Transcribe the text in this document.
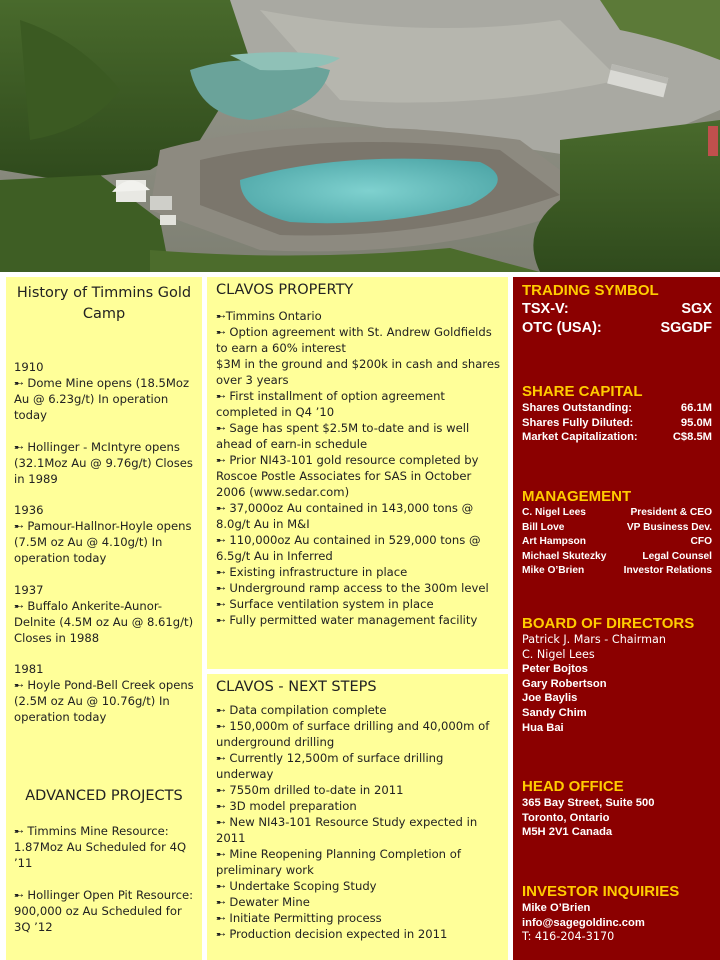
History of Timmins Gold Camp
1910
➸ Dome Mine opens (18.5Moz Au @ 6.23g/t) In operation today
➸ Hollinger - McIntyre opens (32.1Moz Au @ 9.76g/t) Closes in 1989
1936
➸ Pamour-Hallnor-Hoyle opens (7.5M oz Au @ 4.10g/t) In operation today
1937
➸ Buffalo Ankerite-Aunor-Delnite (4.5M oz Au @ 8.61g/t) Closes in 1988
1981
➸ Hoyle Pond-Bell Creek opens (2.5M oz Au @ 10.76g/t) In operation today
ADVANCED PROJECTS
➸ Timmins Mine Resource: 1.87Moz Au Scheduled for 4Q ’11
➸ Hollinger Open Pit Resource: 900,000 oz Au Scheduled for 3Q ’12
CLAVOS PROPERTY
➸Timmins Ontario
➸ Option agreement with St. Andrew Goldfields to earn a 60% interest
$3M in the ground and $200k in cash and shares over 3 years
➸ First installment of option agreement completed in Q4 ’10
➸ Sage has spent $2.5M to-date and is well ahead of earn-in schedule
➸ Prior NI43-101 gold resource completed by Roscoe Postle Associates for SAS in October 2006 (www.sedar.com)
➸ 37,000oz Au contained in 143,000 tons @ 8.0g/t Au in M&I
➸ 110,000oz Au contained in 529,000 tons @ 6.5g/t Au in Inferred
➸ Existing infrastructure in place
➸ Underground ramp access to the 300m level
➸ Surface ventilation system in place
➸ Fully permitted water management facility
CLAVOS - NEXT STEPS
➸ Data compilation complete
➸ 150,000m of surface drilling and 40,000m of underground drilling
➸ Currently 12,500m of surface drilling underway
➸ 7550m drilled to-date in 2011
➸ 3D model preparation
➸ New NI43-101 Resource Study expected in 2011
➸ Mine Reopening Planning Completion of preliminary work
➸ Undertake Scoping Study
➸ Dewater Mine
➸ Initiate Permitting process
➸ Production decision expected in 2011
TRADING SYMBOL
TSX-V:	SGX
OTC (USA):	SGGDF
SHARE CAPITAL
Shares Outstanding:	66.1M
Shares Fully Diluted:	95.0M
Market Capitalization:	C$8.5M
MANAGEMENT
C. Nigel Lees	President & CEO
Bill Love	VP Business Dev.
Art Hampson	CFO
Michael Skutezky	Legal Counsel
Mike O’Brien	Investor Relations
BOARD OF DIRECTORS
Patrick J. Mars - Chairman
C. Nigel Lees
Peter Bojtos
Gary Robertson
Joe Baylis
Sandy Chim
Hua Bai
HEAD OFFICE
365 Bay Street, Suite 500
Toronto, Ontario
M5H 2V1 Canada
INVESTOR INQUIRIES
Mike O’Brien
info@sagegoldinc.com
T: 416-204-3170
